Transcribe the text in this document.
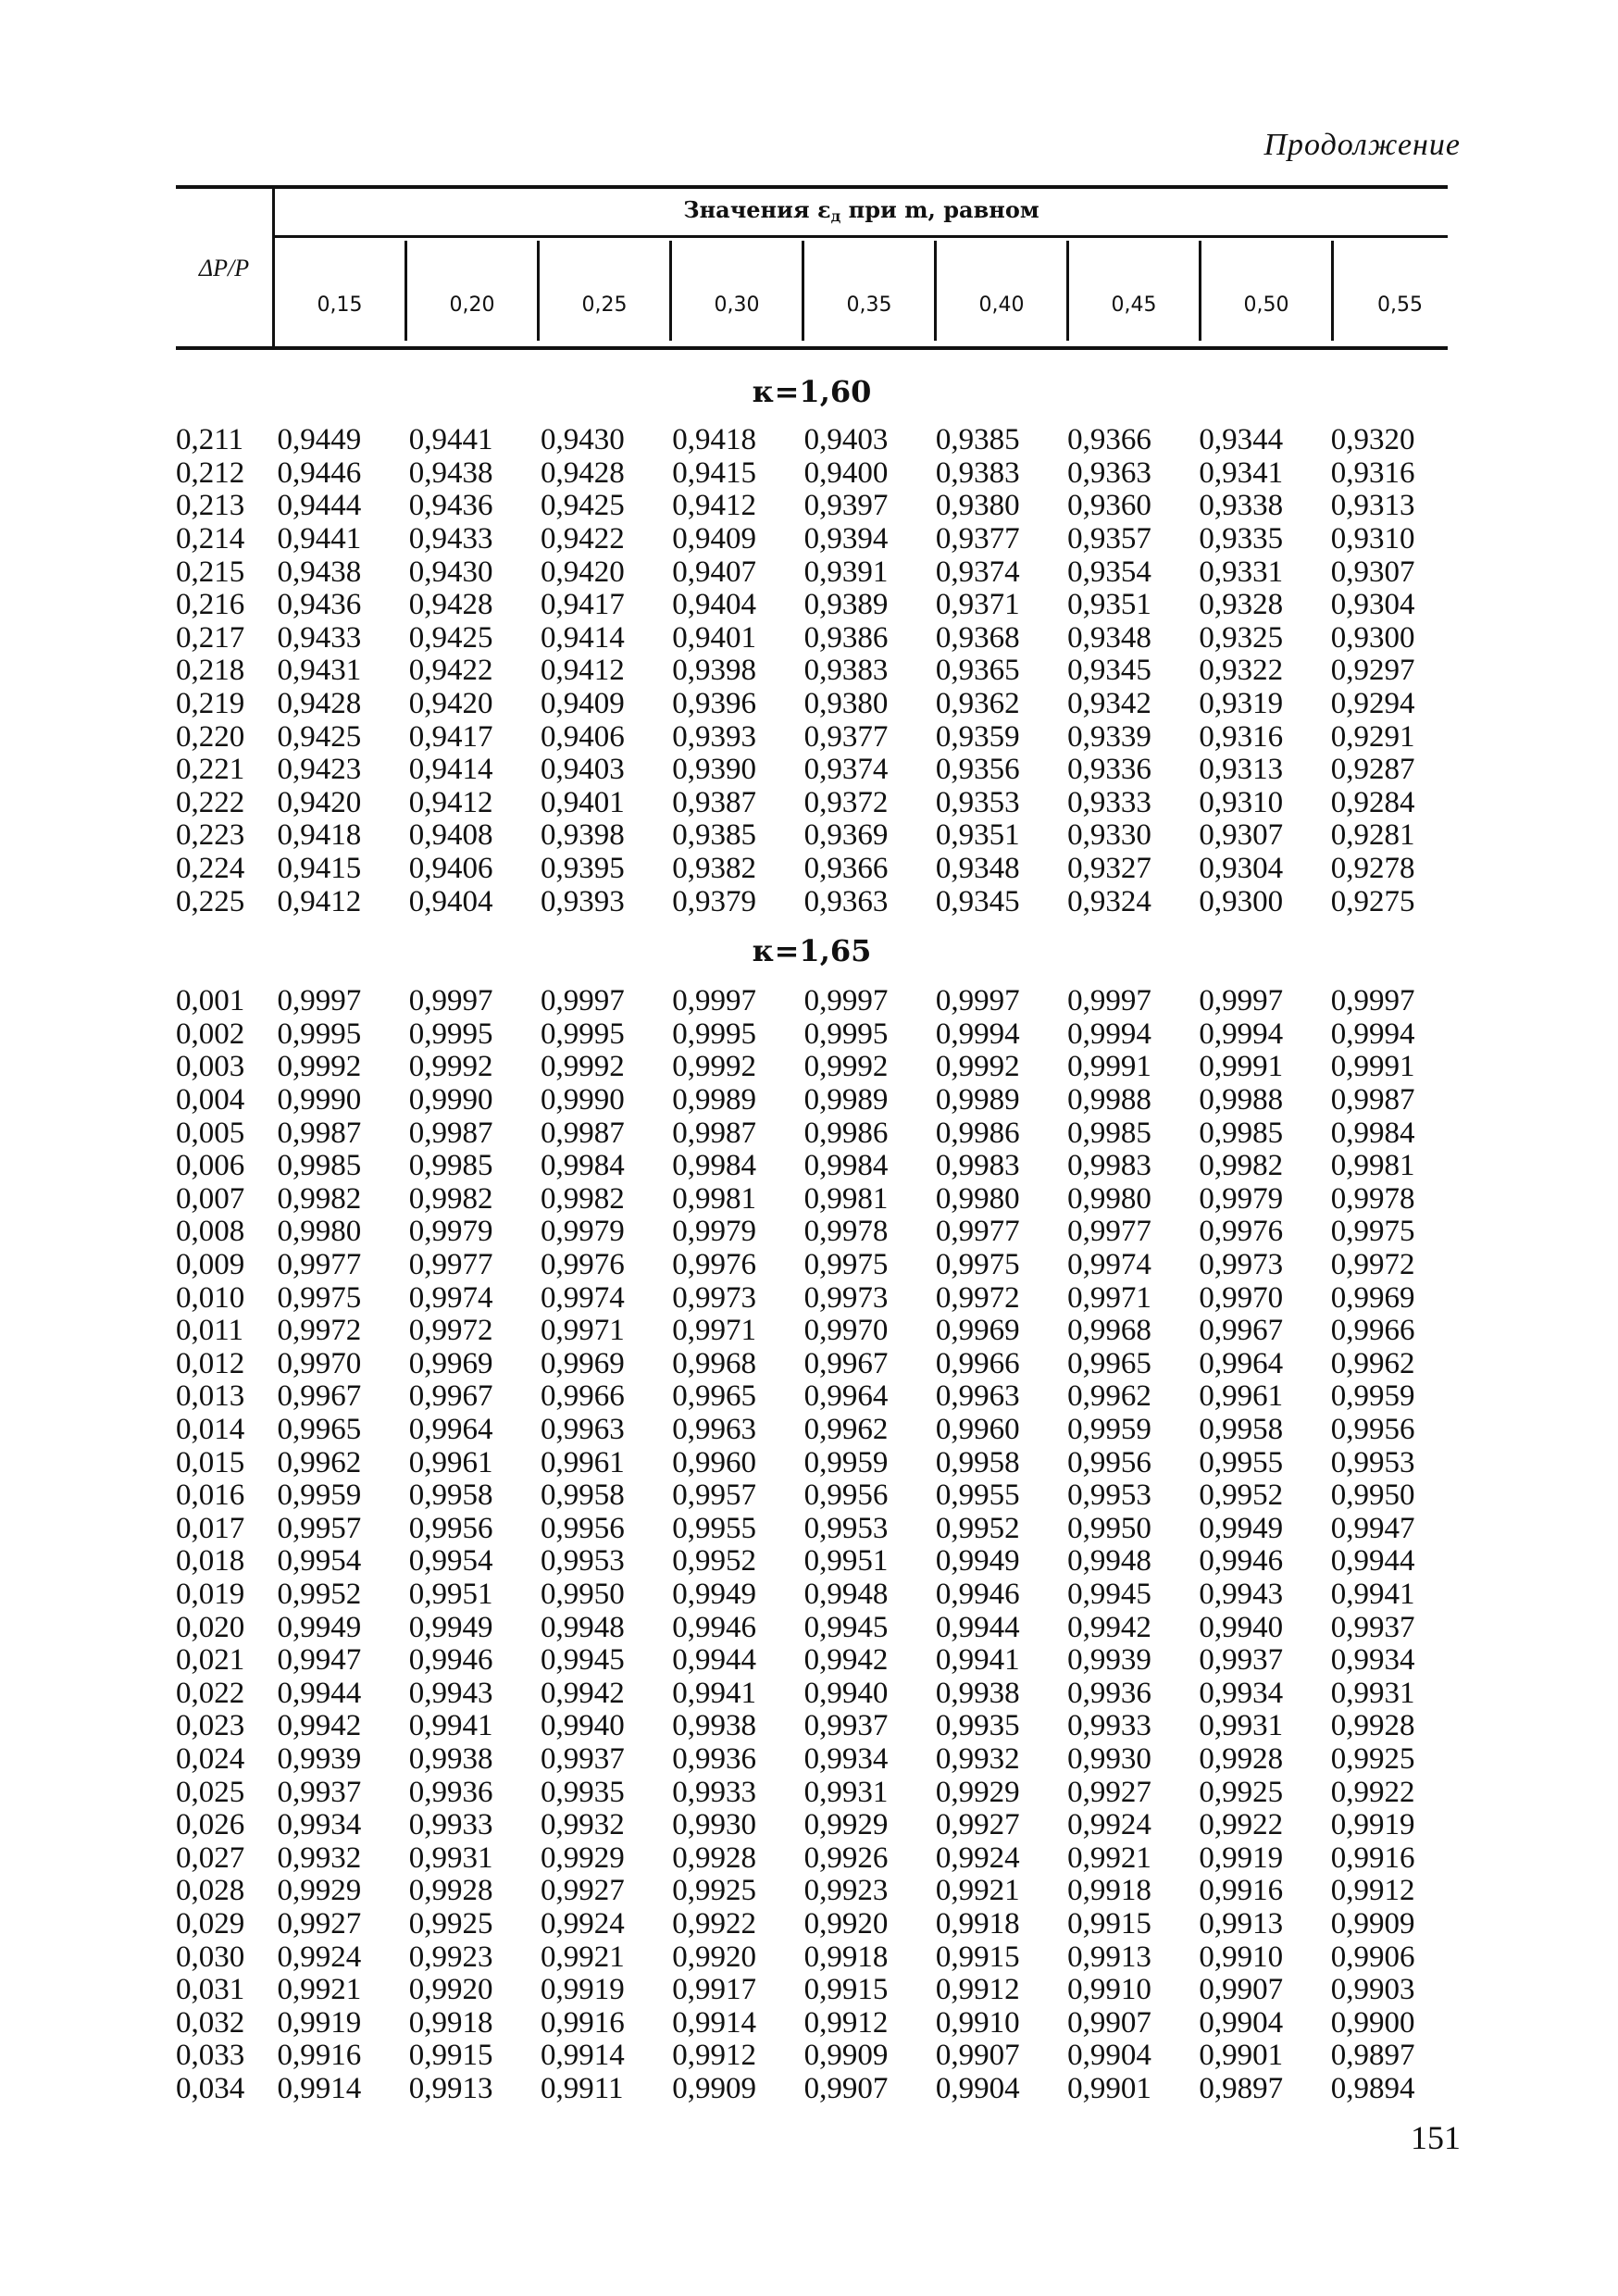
Продолжение
ΔP/P
Значения $\varepsilon_д$ при m, равном
0,15	0,20	0,25	0,30	0,35	0,40	0,45	0,50	0,55
κ=1,60
0,211	0,9449	0,9441	0,9430	0,9418	0,9403	0,9385	0,9366	0,9344	0,9320
0,212	0,9446	0,9438	0,9428	0,9415	0,9400	0,9383	0,9363	0,9341	0,9316
0,213	0,9444	0,9436	0,9425	0,9412	0,9397	0,9380	0,9360	0,9338	0,9313
0,214	0,9441	0,9433	0,9422	0,9409	0,9394	0,9377	0,9357	0,9335	0,9310
0,215	0,9438	0,9430	0,9420	0,9407	0,9391	0,9374	0,9354	0,9331	0,9307
0,216	0,9436	0,9428	0,9417	0,9404	0,9389	0,9371	0,9351	0,9328	0,9304
0,217	0,9433	0,9425	0,9414	0,9401	0,9386	0,9368	0,9348	0,9325	0,9300
0,218	0,9431	0,9422	0,9412	0,9398	0,9383	0,9365	0,9345	0,9322	0,9297
0,219	0,9428	0,9420	0,9409	0,9396	0,9380	0,9362	0,9342	0,9319	0,9294
0,220	0,9425	0,9417	0,9406	0,9393	0,9377	0,9359	0,9339	0,9316	0,9291
0,221	0,9423	0,9414	0,9403	0,9390	0,9374	0,9356	0,9336	0,9313	0,9287
0,222	0,9420	0,9412	0,9401	0,9387	0,9372	0,9353	0,9333	0,9310	0,9284
0,223	0,9418	0,9408	0,9398	0,9385	0,9369	0,9351	0,9330	0,9307	0,9281
0,224	0,9415	0,9406	0,9395	0,9382	0,9366	0,9348	0,9327	0,9304	0,9278
0,225	0,9412	0,9404	0,9393	0,9379	0,9363	0,9345	0,9324	0,9300	0,9275
κ=1,65
0,001	0,9997	0,9997	0,9997	0,9997	0,9997	0,9997	0,9997	0,9997	0,9997
0,002	0,9995	0,9995	0,9995	0,9995	0,9995	0,9994	0,9994	0,9994	0,9994
0,003	0,9992	0,9992	0,9992	0,9992	0,9992	0,9992	0,9991	0,9991	0,9991
0,004	0,9990	0,9990	0,9990	0,9989	0,9989	0,9989	0,9988	0,9988	0,9987
0,005	0,9987	0,9987	0,9987	0,9987	0,9986	0,9986	0,9985	0,9985	0,9984
0,006	0,9985	0,9985	0,9984	0,9984	0,9984	0,9983	0,9983	0,9982	0,9981
0,007	0,9982	0,9982	0,9982	0,9981	0,9981	0,9980	0,9980	0,9979	0,9978
0,008	0,9980	0,9979	0,9979	0,9979	0,9978	0,9977	0,9977	0,9976	0,9975
0,009	0,9977	0,9977	0,9976	0,9976	0,9975	0,9975	0,9974	0,9973	0,9972
0,010	0,9975	0,9974	0,9974	0,9973	0,9973	0,9972	0,9971	0,9970	0,9969
0,011	0,9972	0,9972	0,9971	0,9971	0,9970	0,9969	0,9968	0,9967	0,9966
0,012	0,9970	0,9969	0,9969	0,9968	0,9967	0,9966	0,9965	0,9964	0,9962
0,013	0,9967	0,9967	0,9966	0,9965	0,9964	0,9963	0,9962	0,9961	0,9959
0,014	0,9965	0,9964	0,9963	0,9963	0,9962	0,9960	0,9959	0,9958	0,9956
0,015	0,9962	0,9961	0,9961	0,9960	0,9959	0,9958	0,9956	0,9955	0,9953
0,016	0,9959	0,9958	0,9958	0,9957	0,9956	0,9955	0,9953	0,9952	0,9950
0,017	0,9957	0,9956	0,9956	0,9955	0,9953	0,9952	0,9950	0,9949	0,9947
0,018	0,9954	0,9954	0,9953	0,9952	0,9951	0,9949	0,9948	0,9946	0,9944
0,019	0,9952	0,9951	0,9950	0,9949	0,9948	0,9946	0,9945	0,9943	0,9941
0,020	0,9949	0,9949	0,9948	0,9946	0,9945	0,9944	0,9942	0,9940	0,9937
0,021	0,9947	0,9946	0,9945	0,9944	0,9942	0,9941	0,9939	0,9937	0,9934
0,022	0,9944	0,9943	0,9942	0,9941	0,9940	0,9938	0,9936	0,9934	0,9931
0,023	0,9942	0,9941	0,9940	0,9938	0,9937	0,9935	0,9933	0,9931	0,9928
0,024	0,9939	0,9938	0,9937	0,9936	0,9934	0,9932	0,9930	0,9928	0,9925
0,025	0,9937	0,9936	0,9935	0,9933	0,9931	0,9929	0,9927	0,9925	0,9922
0,026	0,9934	0,9933	0,9932	0,9930	0,9929	0,9927	0,9924	0,9922	0,9919
0,027	0,9932	0,9931	0,9929	0,9928	0,9926	0,9924	0,9921	0,9919	0,9916
0,028	0,9929	0,9928	0,9927	0,9925	0,9923	0,9921	0,9918	0,9916	0,9912
0,029	0,9927	0,9925	0,9924	0,9922	0,9920	0,9918	0,9915	0,9913	0,9909
0,030	0,9924	0,9923	0,9921	0,9920	0,9918	0,9915	0,9913	0,9910	0,9906
0,031	0,9921	0,9920	0,9919	0,9917	0,9915	0,9912	0,9910	0,9907	0,9903
0,032	0,9919	0,9918	0,9916	0,9914	0,9912	0,9910	0,9907	0,9904	0,9900
0,033	0,9916	0,9915	0,9914	0,9912	0,9909	0,9907	0,9904	0,9901	0,9897
0,034	0,9914	0,9913	0,9911	0,9909	0,9907	0,9904	0,9901	0,9897	0,9894
151
